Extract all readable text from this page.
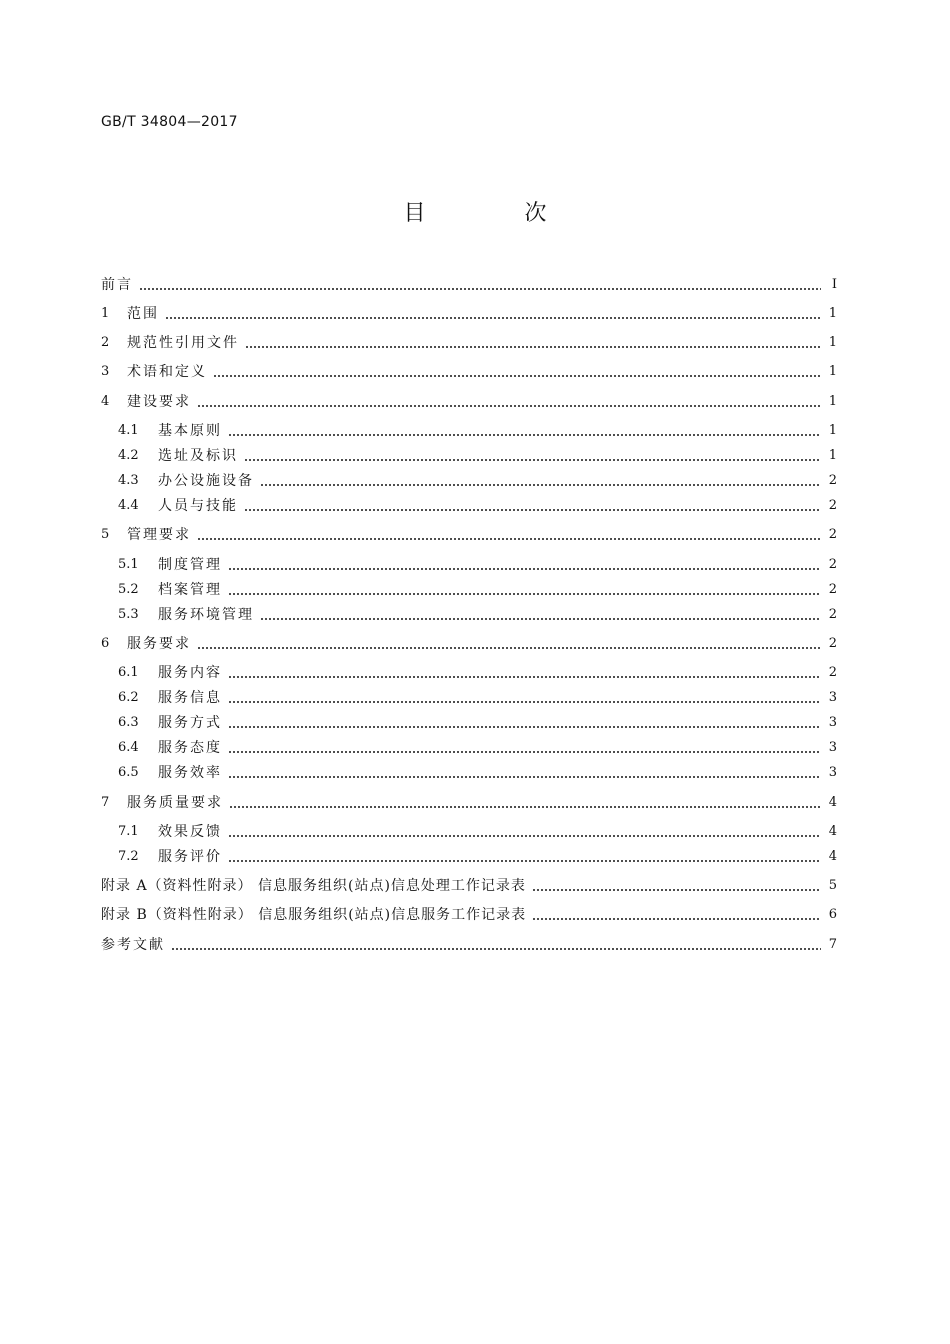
GB/T 34804—2017
目 次
前言	Ⅰ
1	范围	1
2	规范性引用文件	1
3	术语和定义	1
4	建设要求	1
4.1	基本原则	1
4.2	选址及标识	1
4.3	办公设施设备	2
4.4	人员与技能	2
5	管理要求	2
5.1	制度管理	2
5.2	档案管理	2
5.3	服务环境管理	2
6	服务要求	2
6.1	服务内容	2
6.2	服务信息	3
6.3	服务方式	3
6.4	服务态度	3
6.5	服务效率	3
7	服务质量要求	4
7.1	效果反馈	4
7.2	服务评价	4
附录 A（资料性附录） 信息服务组织(站点)信息处理工作记录表	5
附录 B（资料性附录） 信息服务组织(站点)信息服务工作记录表	6
参考文献	7
